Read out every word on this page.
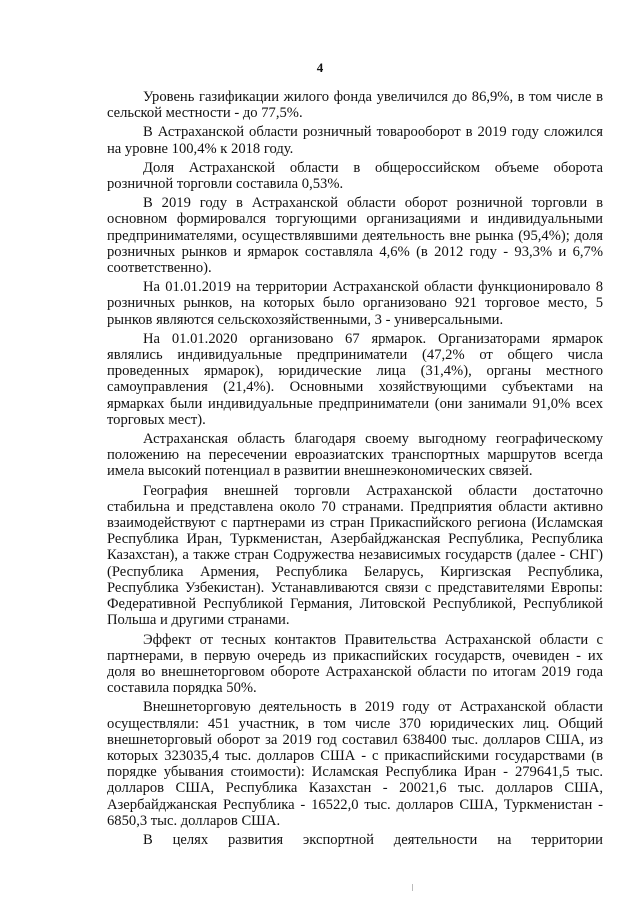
4

Уровень газификации жилого фонда увеличился до 86,9%, в том числе в сельской местности - до 77,5%.

В Астраханской области розничный товарооборот в 2019 году сложился на уровне 100,4% к 2018 году.

Доля Астраханской области в общероссийском объеме оборота розничной торговли составила 0,53%.

В 2019 году в Астраханской области оборот розничной торговли в основном формировался торгующими организациями и индивидуальными предпринимателями, осуществлявшими деятельность вне рынка (95,4%); доля розничных рынков и ярмарок составляла 4,6% (в 2012 году - 93,3% и 6,7% соответственно).

На 01.01.2019 на территории Астраханской области функционировало 8 розничных рынков, на которых было организовано 921 торговое место, 5 рынков являются сельскохозяйственными, 3 - универсальными.

На 01.01.2020 организовано 67 ярмарок. Организаторами ярмарок являлись индивидуальные предприниматели (47,2% от общего числа проведенных ярмарок), юридические лица (31,4%), органы местного самоуправления (21,4%). Основными хозяйствующими субъектами на ярмарках были индивидуальные предприниматели (они занимали 91,0% всех торговых мест).

Астраханская область благодаря своему выгодному географическому положению на пересечении евроазиатских транспортных маршрутов всегда имела высокий потенциал в развитии внешнеэкономических связей.

География внешней торговли Астраханской области достаточно стабильна и представлена около 70 странами. Предприятия области активно взаимодействуют с партнерами из стран Прикаспийского региона (Исламская Республика Иран, Туркменистан, Азербайджанская Республика, Республика Казахстан), а также стран Содружества независимых государств (далее - СНГ) (Республика Армения, Республика Беларусь, Киргизская Республика, Республика Узбекистан). Устанавливаются связи с представителями Европы: Федеративной Республикой Германия, Литовской Республикой, Республикой Польша и другими странами.

Эффект от тесных контактов Правительства Астраханской области с партнерами, в первую очередь из прикаспийских государств, очевиден - их доля во внешнеторговом обороте Астраханской области по итогам 2019 года составила порядка 50%.

Внешнеторговую деятельность в 2019 году от Астраханской области осуществляли: 451 участник, в том числе 370 юридических лиц. Общий внешнеторговый оборот за 2019 год составил 638400 тыс. долларов США, из которых 323035,4 тыс. долларов США - с прикаспийскими государствами (в порядке убывания стоимости): Исламская Республика Иран - 279641,5 тыс. долларов США, Республика Казахстан - 20021,6 тыс. долларов США, Азербайджанская Республика - 16522,0 тыс. долларов США, Туркменистан - 6850,3 тыс. долларов США.

В целях развития экспортной деятельности на территории
